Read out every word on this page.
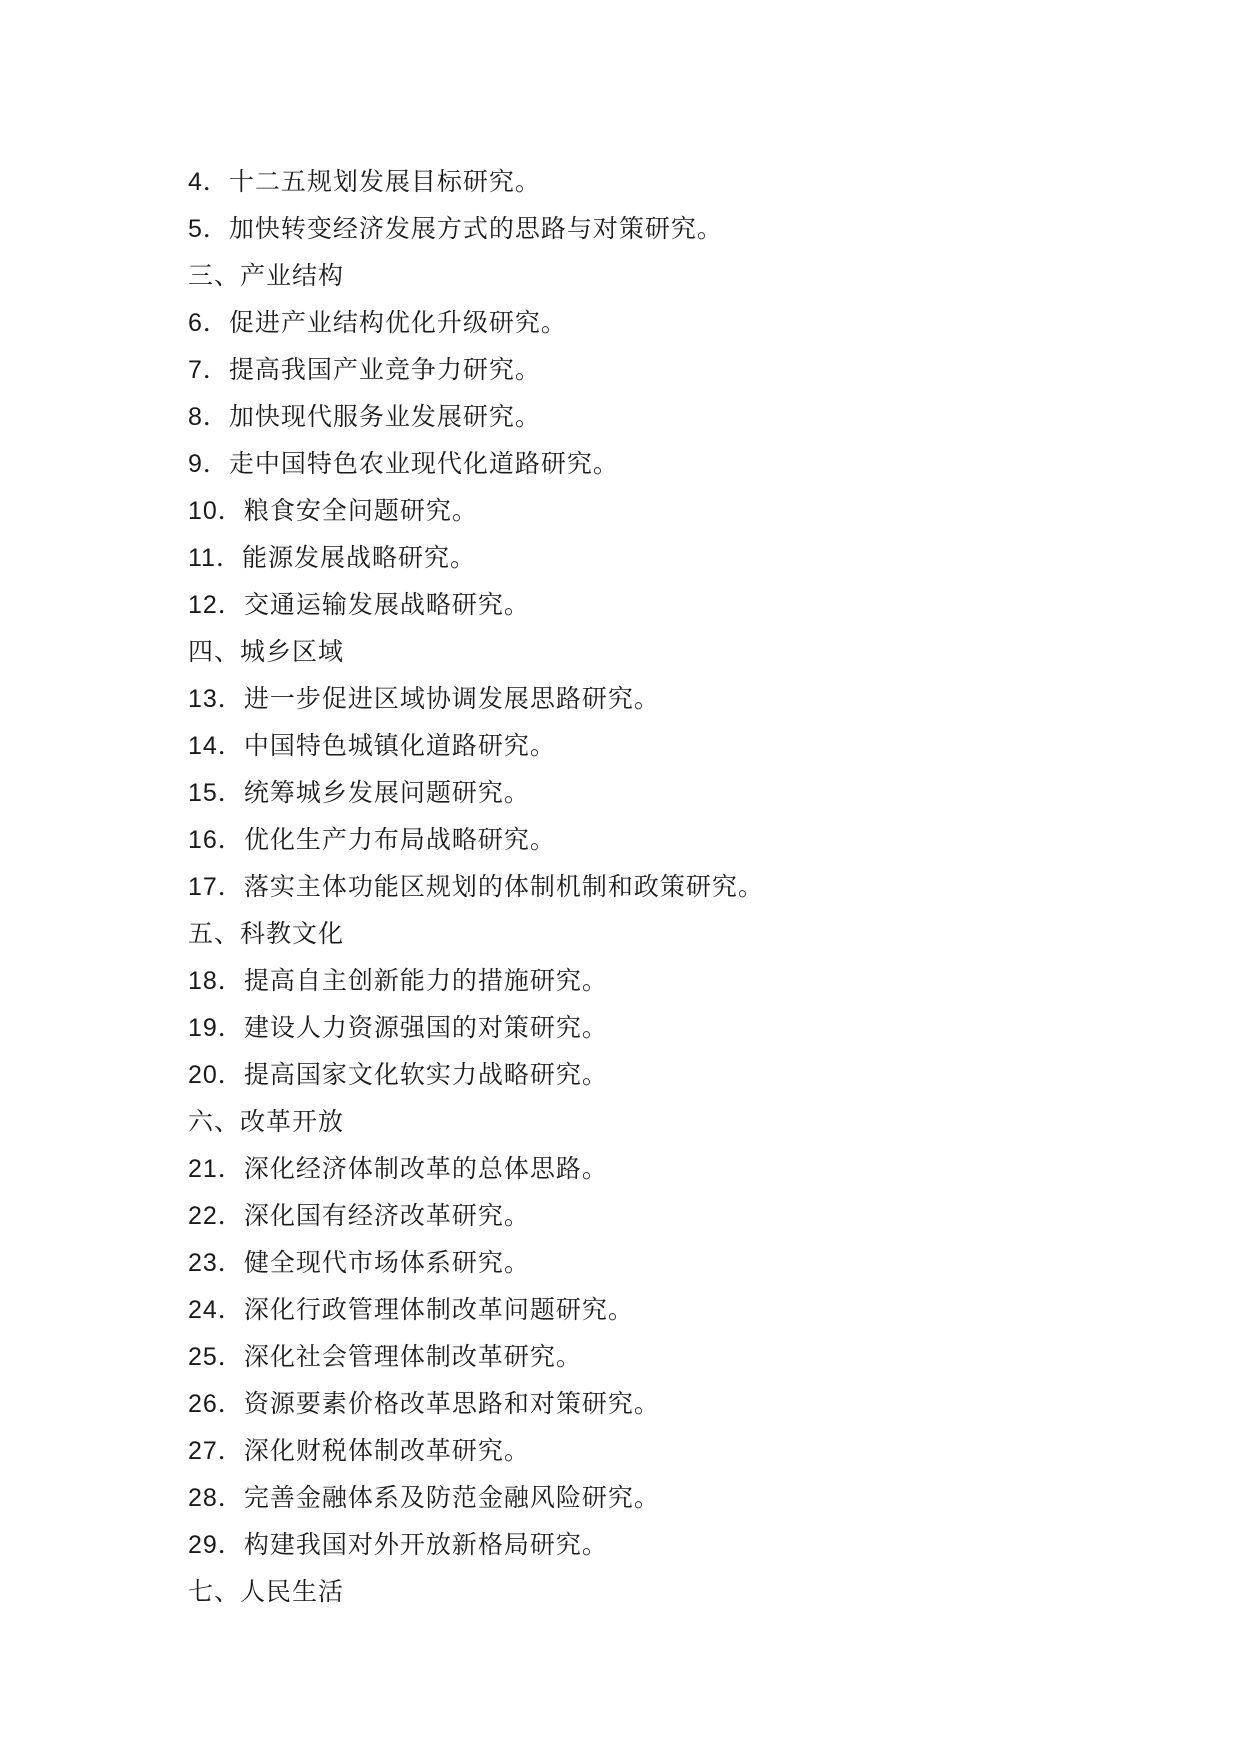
4．十二五规划发展目标研究。
5．加快转变经济发展方式的思路与对策研究。
三、产业结构
6．促进产业结构优化升级研究。
7．提高我国产业竞争力研究。
8．加快现代服务业发展研究。
9．走中国特色农业现代化道路研究。
10．粮食安全问题研究。
11．能源发展战略研究。
12．交通运输发展战略研究。
四、城乡区域
13．进一步促进区域协调发展思路研究。
14．中国特色城镇化道路研究。
15．统筹城乡发展问题研究。
16．优化生产力布局战略研究。
17．落实主体功能区规划的体制机制和政策研究。
五、科教文化
18．提高自主创新能力的措施研究。
19．建设人力资源强国的对策研究。
20．提高国家文化软实力战略研究。
六、改革开放
21．深化经济体制改革的总体思路。
22．深化国有经济改革研究。
23．健全现代市场体系研究。
24．深化行政管理体制改革问题研究。
25．深化社会管理体制改革研究。
26．资源要素价格改革思路和对策研究。
27．深化财税体制改革研究。
28．完善金融体系及防范金融风险研究。
29．构建我国对外开放新格局研究。
七、人民生活
